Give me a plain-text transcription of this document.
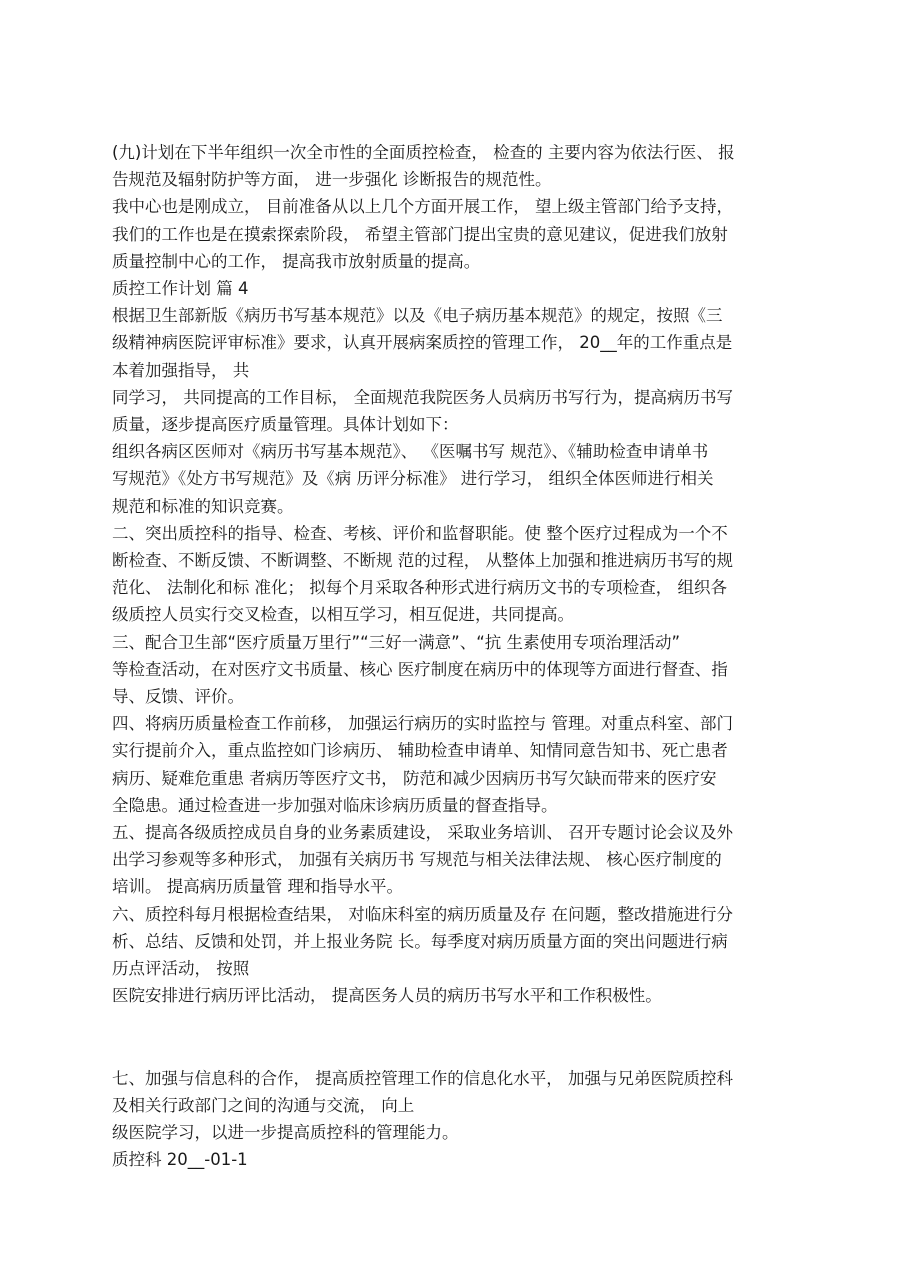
(九)计划在下半年组织一次全市性的全面质控检查， 检查的 主要内容为依法行医、 报
告规范及辐射防护等方面， 进一步强化 诊断报告的规范性。
我中心也是刚成立， 目前准备从以上几个方面开展工作， 望上级主管部门给予支持，
我们的工作也是在摸索探索阶段， 希望主管部门提出宝贵的意见建议，促进我们放射
质量控制中心的工作， 提高我市放射质量的提高。
质控工作计划 篇 4
根据卫生部新版《病历书写基本规范》以及《电子病历基本规范》的规定，按照《三
级精神病医院评审标准》要求，认真开展病案质控的管理工作， 20__年的工作重点是
本着加强指导， 共
同学习， 共同提高的工作目标， 全面规范我院医务人员病历书写行为，提高病历书写
质量，逐步提高医疗质量管理。具体计划如下：
组织各病区医师对《病历书写基本规范》、 《医嘱书写 规范》、《辅助检查申请单书
写规范》《处方书写规范》及《病 历评分标准》 进行学习， 组织全体医师进行相关
规范和标准的知识竞赛。
二、突出质控科的指导、检查、考核、评价和监督职能。使 整个医疗过程成为一个不
断检查、不断反馈、不断调整、不断规 范的过程， 从整体上加强和推进病历书写的规
范化、 法制化和标 准化； 拟每个月采取各种形式进行病历文书的专项检查， 组织各
级质控人员实行交叉检查，以相互学习，相互促进，共同提高。
三、配合卫生部“医疗质量万里行”“三好一满意”、“抗 生素使用专项治理活动”
等检查活动，在对医疗文书质量、核心 医疗制度在病历中的体现等方面进行督查、指
导、反馈、评价。
四、将病历质量检查工作前移， 加强运行病历的实时监控与 管理。对重点科室、部门
实行提前介入，重点监控如门诊病历、 辅助检查申请单、知情同意告知书、死亡患者
病历、疑难危重患 者病历等医疗文书， 防范和减少因病历书写欠缺而带来的医疗安
全隐患。通过检查进一步加强对临床诊病历质量的督查指导。
五、提高各级质控成员自身的业务素质建设， 采取业务培训、 召开专题讨论会议及外
出学习参观等多种形式， 加强有关病历书 写规范与相关法律法规、 核心医疗制度的
培训。 提高病历质量管 理和指导水平。
六、质控科每月根据检查结果， 对临床科室的病历质量及存 在问题，整改措施进行分
析、总结、反馈和处罚，并上报业务院 长。每季度对病历质量方面的突出问题进行病
历点评活动， 按照
医院安排进行病历评比活动， 提高医务人员的病历书写水平和工作积极性。
七、加强与信息科的合作， 提高质控管理工作的信息化水平， 加强与兄弟医院质控科
及相关行政部门之间的沟通与交流， 向上
级医院学习，以进一步提高质控科的管理能力。
质控科 20__-01-1
